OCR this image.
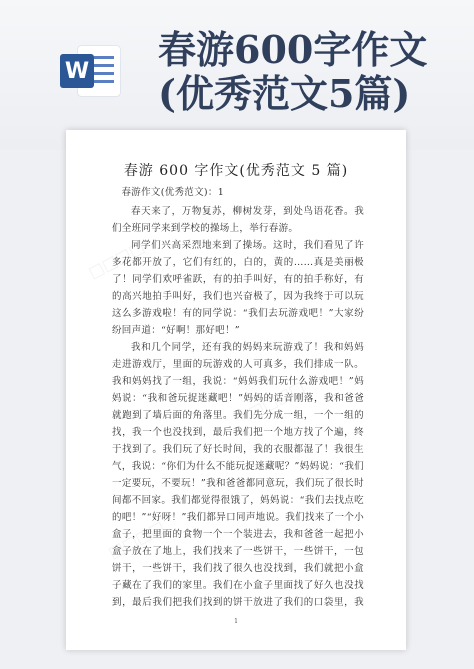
W 春游600字作文
(优秀范文5篇)
□□□□
□□□□
□□□□
春游 600 字作文(优秀范文 5 篇)

春游作文(优秀范文)：1

春天来了，万物复苏，柳树发芽，到处鸟语花香。我们全班同学来到学校的操场上，举行春游。

同学们兴高采烈地来到了操场。这时，我们看见了许多花都开放了，它们有红的，白的，黄的……真是美丽极了！同学们欢呼雀跃，有的拍手叫好，有的拍手称好，有的高兴地拍手叫好，我们也兴奋极了，因为我终于可以玩这么多游戏啦！有的同学说：“我们去玩游戏吧！”大家纷纷回声道：“好啊！那好吧！”

我和几个同学，还有我的妈妈来玩游戏了！我和妈妈走进游戏厅，里面的玩游戏的人可真多，我们排成一队。我和妈妈找了一组，我说：“妈妈我们玩什么游戏吧！”妈妈说：“我和爸玩捉迷藏吧！”妈妈的话音刚落，我和爸爸就跑到了墙后面的角落里。我们先分成一组，一个一组的找，我一个也没找到，最后我们把一个地方找了个遍，终于找到了。我们玩了好长时间，我的衣服都湿了！我很生气，我说：“你们为什么不能玩捉迷藏呢？”妈妈说：“我们一定要玩，不要玩！”我和爸爸都同意玩，我们玩了很长时间都不回家。我们都觉得很饿了，妈妈说：“我们去找点吃的吧！”“好呀！”我们都异口同声地说。我们找来了一个小盒子，把里面的食物一个一个装进去，我和爸爸一起把小盒子放在了地上，我们找来了一些饼干，一些饼干，一包饼干，一些饼干，我们找了很久也没找到，我们就把小盒子藏在了我们的家里。我们在小盒子里面找了好久也没找到，最后我们把我们找到的饼干放进了我们的口袋里，我

1
